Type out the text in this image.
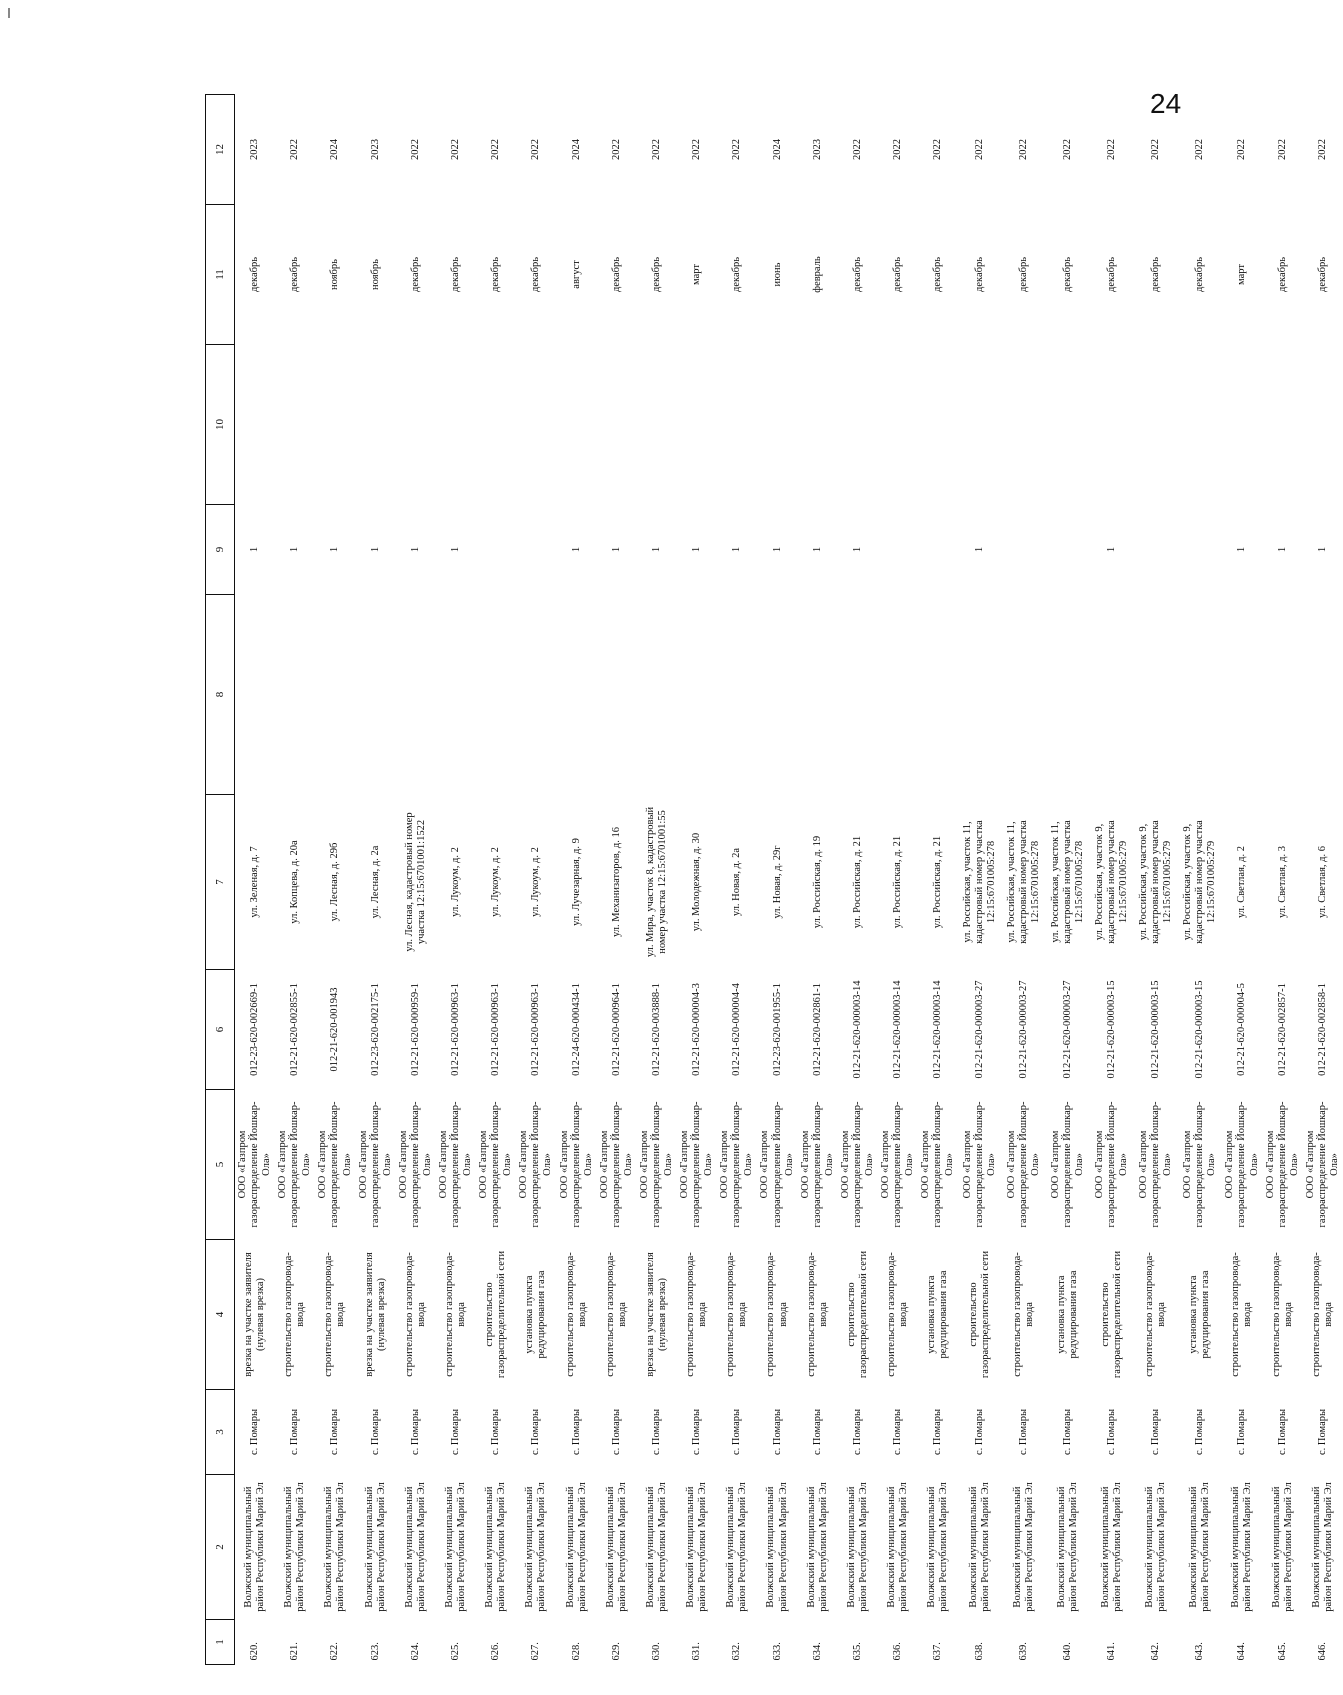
24
1	2	3	4	5	6	7	8	9	10	11	12
620.	Волжский муниципальный район Республики Марий Эл	с. Помары	врезка на участке заявителя (нулевая врезка)	ООО «Газпром газораспределение Йошкар-Ола»	012-23-620-002669-1	ул. Зеленая, д. 7		1		декабрь	2023
621.	Волжский муниципальный район Республики Марий Эл	с. Помары	строительство газопровода-ввода	ООО «Газпром газораспределение Йошкар-Ола»	012-21-620-002855-1	ул. Копцева, д. 20а		1		декабрь	2022
622.	Волжский муниципальный район Республики Марий Эл	с. Помары	строительство газопровода-ввода	ООО «Газпром газораспределение Йошкар-Ола»	012-21-620-001943	ул. Лесная, д. 29б		1		ноябрь	2024
623.	Волжский муниципальный район Республики Марий Эл	с. Помары	врезка на участке заявителя (нулевая врезка)	ООО «Газпром газораспределение Йошкар-Ола»	012-23-620-002175-1	ул. Лесная, д. 2а		1		ноябрь	2023
624.	Волжский муниципальный район Республики Марий Эл	с. Помары	строительство газопровода-ввода	ООО «Газпром газораспределение Йошкар-Ола»	012-21-620-000959-1	ул. Лесная, кадастровый номер участка 12:15:6701001:1522		1		декабрь	2022
625.	Волжский муниципальный район Республики Марий Эл	с. Помары	строительство газопровода-ввода	ООО «Газпром газораспределение Йошкар-Ола»	012-21-620-000963-1	ул. Лукоум, д. 2		1		декабрь	2022
626.	Волжский муниципальный район Республики Марий Эл	с. Помары	строительство газораспределительной сети	ООО «Газпром газораспределение Йошкар-Ола»	012-21-620-000963-1	ул. Лукоум, д. 2				декабрь	2022
627.	Волжский муниципальный район Республики Марий Эл	с. Помары	установка пункта редуцирования газа	ООО «Газпром газораспределение Йошкар-Ола»	012-21-620-000963-1	ул. Лукоум, д. 2				декабрь	2022
628.	Волжский муниципальный район Республики Марий Эл	с. Помары	строительство газопровода-ввода	ООО «Газпром газораспределение Йошкар-Ола»	012-24-620-000434-1	ул. Лучезарная, д. 9		1		август	2024
629.	Волжский муниципальный район Республики Марий Эл	с. Помары	строительство газопровода-ввода	ООО «Газпром газораспределение Йошкар-Ола»	012-21-620-000964-1	ул. Механизаторов, д. 16		1		декабрь	2022
630.	Волжский муниципальный район Республики Марий Эл	с. Помары	врезка на участке заявителя (нулевая врезка)	ООО «Газпром газораспределение Йошкар-Ола»	012-21-620-003888-1	ул. Мира, участок 8, кадастровый номер участка 12:15:6701001:55		1		декабрь	2022
631.	Волжский муниципальный район Республики Марий Эл	с. Помары	строительство газопровода-ввода	ООО «Газпром газораспределение Йошкар-Ола»	012-21-620-000004-3	ул. Молодежная, д. 30		1		март	2022
632.	Волжский муниципальный район Республики Марий Эл	с. Помары	строительство газопровода-ввода	ООО «Газпром газораспределение Йошкар-Ола»	012-21-620-000004-4	ул. Новая, д. 2а		1		декабрь	2022
633.	Волжский муниципальный район Республики Марий Эл	с. Помары	строительство газопровода-ввода	ООО «Газпром газораспределение Йошкар-Ола»	012-23-620-001955-1	ул. Новая, д. 29г		1		июнь	2024
634.	Волжский муниципальный район Республики Марий Эл	с. Помары	строительство газопровода-ввода	ООО «Газпром газораспределение Йошкар-Ола»	012-21-620-002861-1	ул. Российская, д. 19		1		февраль	2023
635.	Волжский муниципальный район Республики Марий Эл	с. Помары	строительство газораспределительной сети	ООО «Газпром газораспределение Йошкар-Ола»	012-21-620-000003-14	ул. Российская, д. 21		1		декабрь	2022
636.	Волжский муниципальный район Республики Марий Эл	с. Помары	строительство газопровода-ввода	ООО «Газпром газораспределение Йошкар-Ола»	012-21-620-000003-14	ул. Российская, д. 21				декабрь	2022
637.	Волжский муниципальный район Республики Марий Эл	с. Помары	установка пункта редуцирования газа	ООО «Газпром газораспределение Йошкар-Ола»	012-21-620-000003-14	ул. Российская, д. 21				декабрь	2022
638.	Волжский муниципальный район Республики Марий Эл	с. Помары	строительство газораспределительной сети	ООО «Газпром газораспределение Йошкар-Ола»	012-21-620-000003-27	ул. Российская, участок 11, кадастровый номер участка 12:15:6701005:278		1		декабрь	2022
639.	Волжский муниципальный район Республики Марий Эл	с. Помары	строительство газопровода-ввода	ООО «Газпром газораспределение Йошкар-Ола»	012-21-620-000003-27	ул. Российская, участок 11, кадастровый номер участка 12:15:6701005:278				декабрь	2022
640.	Волжский муниципальный район Республики Марий Эл	с. Помары	установка пункта редуцирования газа	ООО «Газпром газораспределение Йошкар-Ола»	012-21-620-000003-27	ул. Российская, участок 11, кадастровый номер участка 12:15:6701005:278				декабрь	2022
641.	Волжский муниципальный район Республики Марий Эл	с. Помары	строительство газораспределительной сети	ООО «Газпром газораспределение Йошкар-Ола»	012-21-620-000003-15	ул. Российская, участок 9, кадастровый номер участка 12:15:6701005:279		1		декабрь	2022
642.	Волжский муниципальный район Республики Марий Эл	с. Помары	строительство газопровода-ввода	ООО «Газпром газораспределение Йошкар-Ола»	012-21-620-000003-15	ул. Российская, участок 9, кадастровый номер участка 12:15:6701005:279				декабрь	2022
643.	Волжский муниципальный район Республики Марий Эл	с. Помары	установка пункта редуцирования газа	ООО «Газпром газораспределение Йошкар-Ола»	012-21-620-000003-15	ул. Российская, участок 9, кадастровый номер участка 12:15:6701005:279				декабрь	2022
644.	Волжский муниципальный район Республики Марий Эл	с. Помары	строительство газопровода-ввода	ООО «Газпром газораспределение Йошкар-Ола»	012-21-620-000004-5	ул. Светлая, д. 2		1		март	2022
645.	Волжский муниципальный район Республики Марий Эл	с. Помары	строительство газопровода-ввода	ООО «Газпром газораспределение Йошкар-Ола»	012-21-620-002857-1	ул. Светлая, д. 3		1		декабрь	2022
646.	Волжский муниципальный район Республики Марий Эл	с. Помары	строительство газопровода-ввода	ООО «Газпром газораспределение Йошкар-Ола»	012-21-620-002858-1	ул. Светлая, д. 6		1		декабрь	2022
